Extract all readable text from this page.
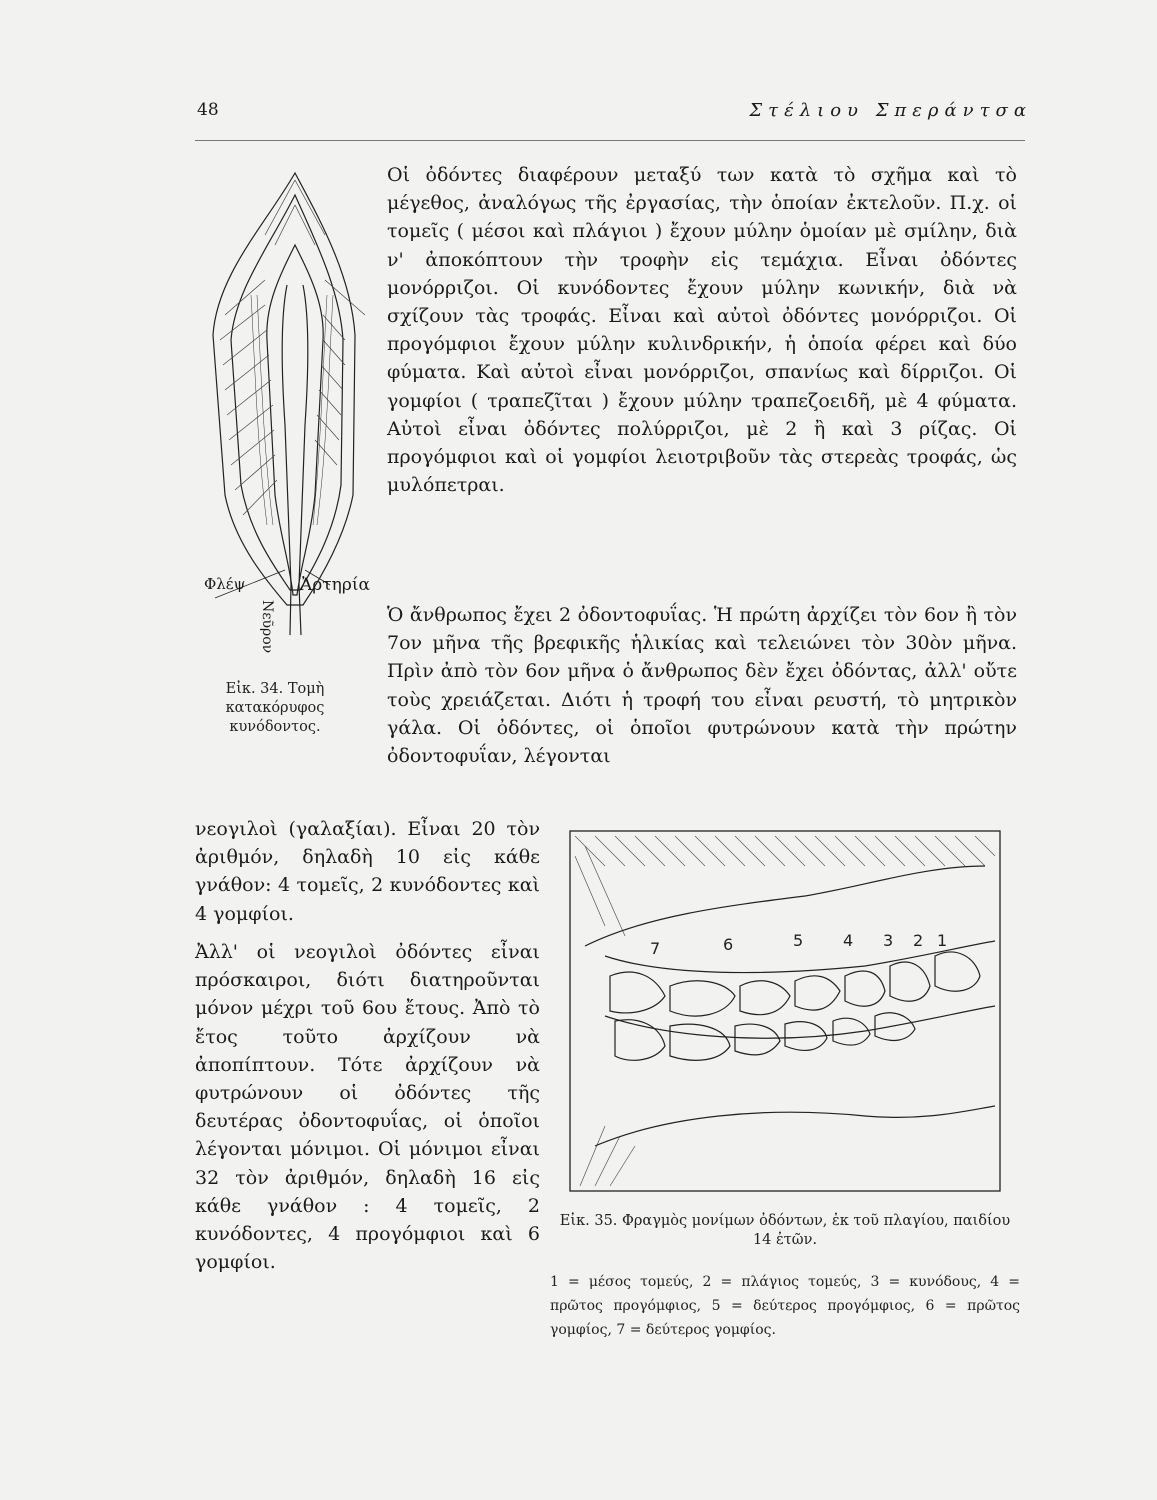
48	Στέλιου Σπεράντσα
Φλέψ	Ἀρτηρία
Νεῦρον
Εἰκ. 34. Τομὴ κατακόρυφος κυνόδοντος.
Οἱ ὀδόντες διαφέρουν μεταξύ των κατὰ τὸ σχῆμα καὶ τὸ μέγεθος, ἀναλόγως τῆς ἐργασίας, τὴν ὁποίαν ἐκτελοῦν. Π.χ. οἱ τομεῖς ( μέσοι καὶ πλάγιοι ) ἔχουν μύλην ὁμοίαν μὲ σμίλην, διὰ ν' ἀποκόπτουν τὴν τροφὴν εἰς τεμάχια. Εἶναι ὀδόντες μονόρριζοι. Οἱ κυνόδοντες ἔχουν μύλην κωνικήν, διὰ νὰ σχίζουν τὰς τροφάς. Εἶναι καὶ αὐτοὶ ὀδόντες μονόρριζοι. Οἱ προγόμφιοι ἔχουν μύλην κυλινδρικήν, ἡ ὁποία φέρει καὶ δύο φύματα. Καὶ αὐτοὶ εἶναι μονόρριζοι, σπανίως καὶ δίρριζοι. Οἱ γομφίοι ( τραπεζῖται ) ἔχουν μύλην τραπεζοειδῆ, μὲ 4 φύματα. Αὐτοὶ εἶναι ὀδόντες πολύρριζοι, μὲ 2 ἢ καὶ 3 ρίζας. Οἱ προγόμφιοι καὶ οἱ γομφίοι λειοτριβοῦν τὰς στερεὰς τροφάς, ὡς μυλόπετραι.
Ὁ ἄνθρωπος ἔχει 2 ὀδοντοφυΐας. Ἡ πρώτη ἀρχίζει τὸν 6ον ἢ τὸν 7ον μῆνα τῆς βρεφικῆς ἡλικίας καὶ τελειώνει τὸν 30ὸν μῆνα. Πρὶν ἀπὸ τὸν 6ον μῆνα ὁ ἄνθρωπος δὲν ἔχει ὀδόντας, ἀλλ' οὔτε τοὺς χρειάζεται. Διότι ἡ τροφή του εἶναι ρευστή, τὸ μητρικὸν γάλα. Οἱ ὀδόντες, οἱ ὁποῖοι φυτρώνουν κατὰ τὴν πρώτην ὀδοντοφυΐαν, λέγονται
νεογιλοὶ (γαλαξίαι). Εἶναι 20 τὸν ἀριθμόν, δηλαδὴ 10 εἰς κάθε γνάθον: 4 τομεῖς, 2 κυνόδοντες καὶ 4 γομφίοι.
Ἀλλ' οἱ νεογιλοὶ ὀδόντες εἶναι πρόσκαιροι, διότι διατηροῦνται μόνον μέχρι τοῦ 6ου ἔτους. Ἀπὸ τὸ ἔτος τοῦτο ἀρχίζουν νὰ ἀποπίπτουν. Τότε ἀρχίζουν νὰ φυτρώνουν οἱ ὀδόντες τῆς δευτέρας ὀδοντοφυΐας, οἱ ὁποῖοι λέγονται μόνιμοι. Οἱ μόνιμοι εἶναι 32 τὸν ἀριθμόν, δηλαδὴ 16 εἰς κάθε γνάθον : 4 τομεῖς, 2 κυνόδοντες, 4 προγόμφιοι καὶ 6 γομφίοι.
7	6	5 4 3 2 1
Εἰκ. 35. Φραγμὸς μονίμων ὀδόντων, ἐκ τοῦ πλαγίου, παιδίου 14 ἐτῶν.
1 = μέσος τομεύς, 2 = πλάγιος τομεύς, 3 = κυνόδους, 4 = πρῶτος προγόμφιος, 5 = δεύτερος προγόμφιος, 6 = πρῶτος γομφίος, 7 = δεύτερος γομφίος.
